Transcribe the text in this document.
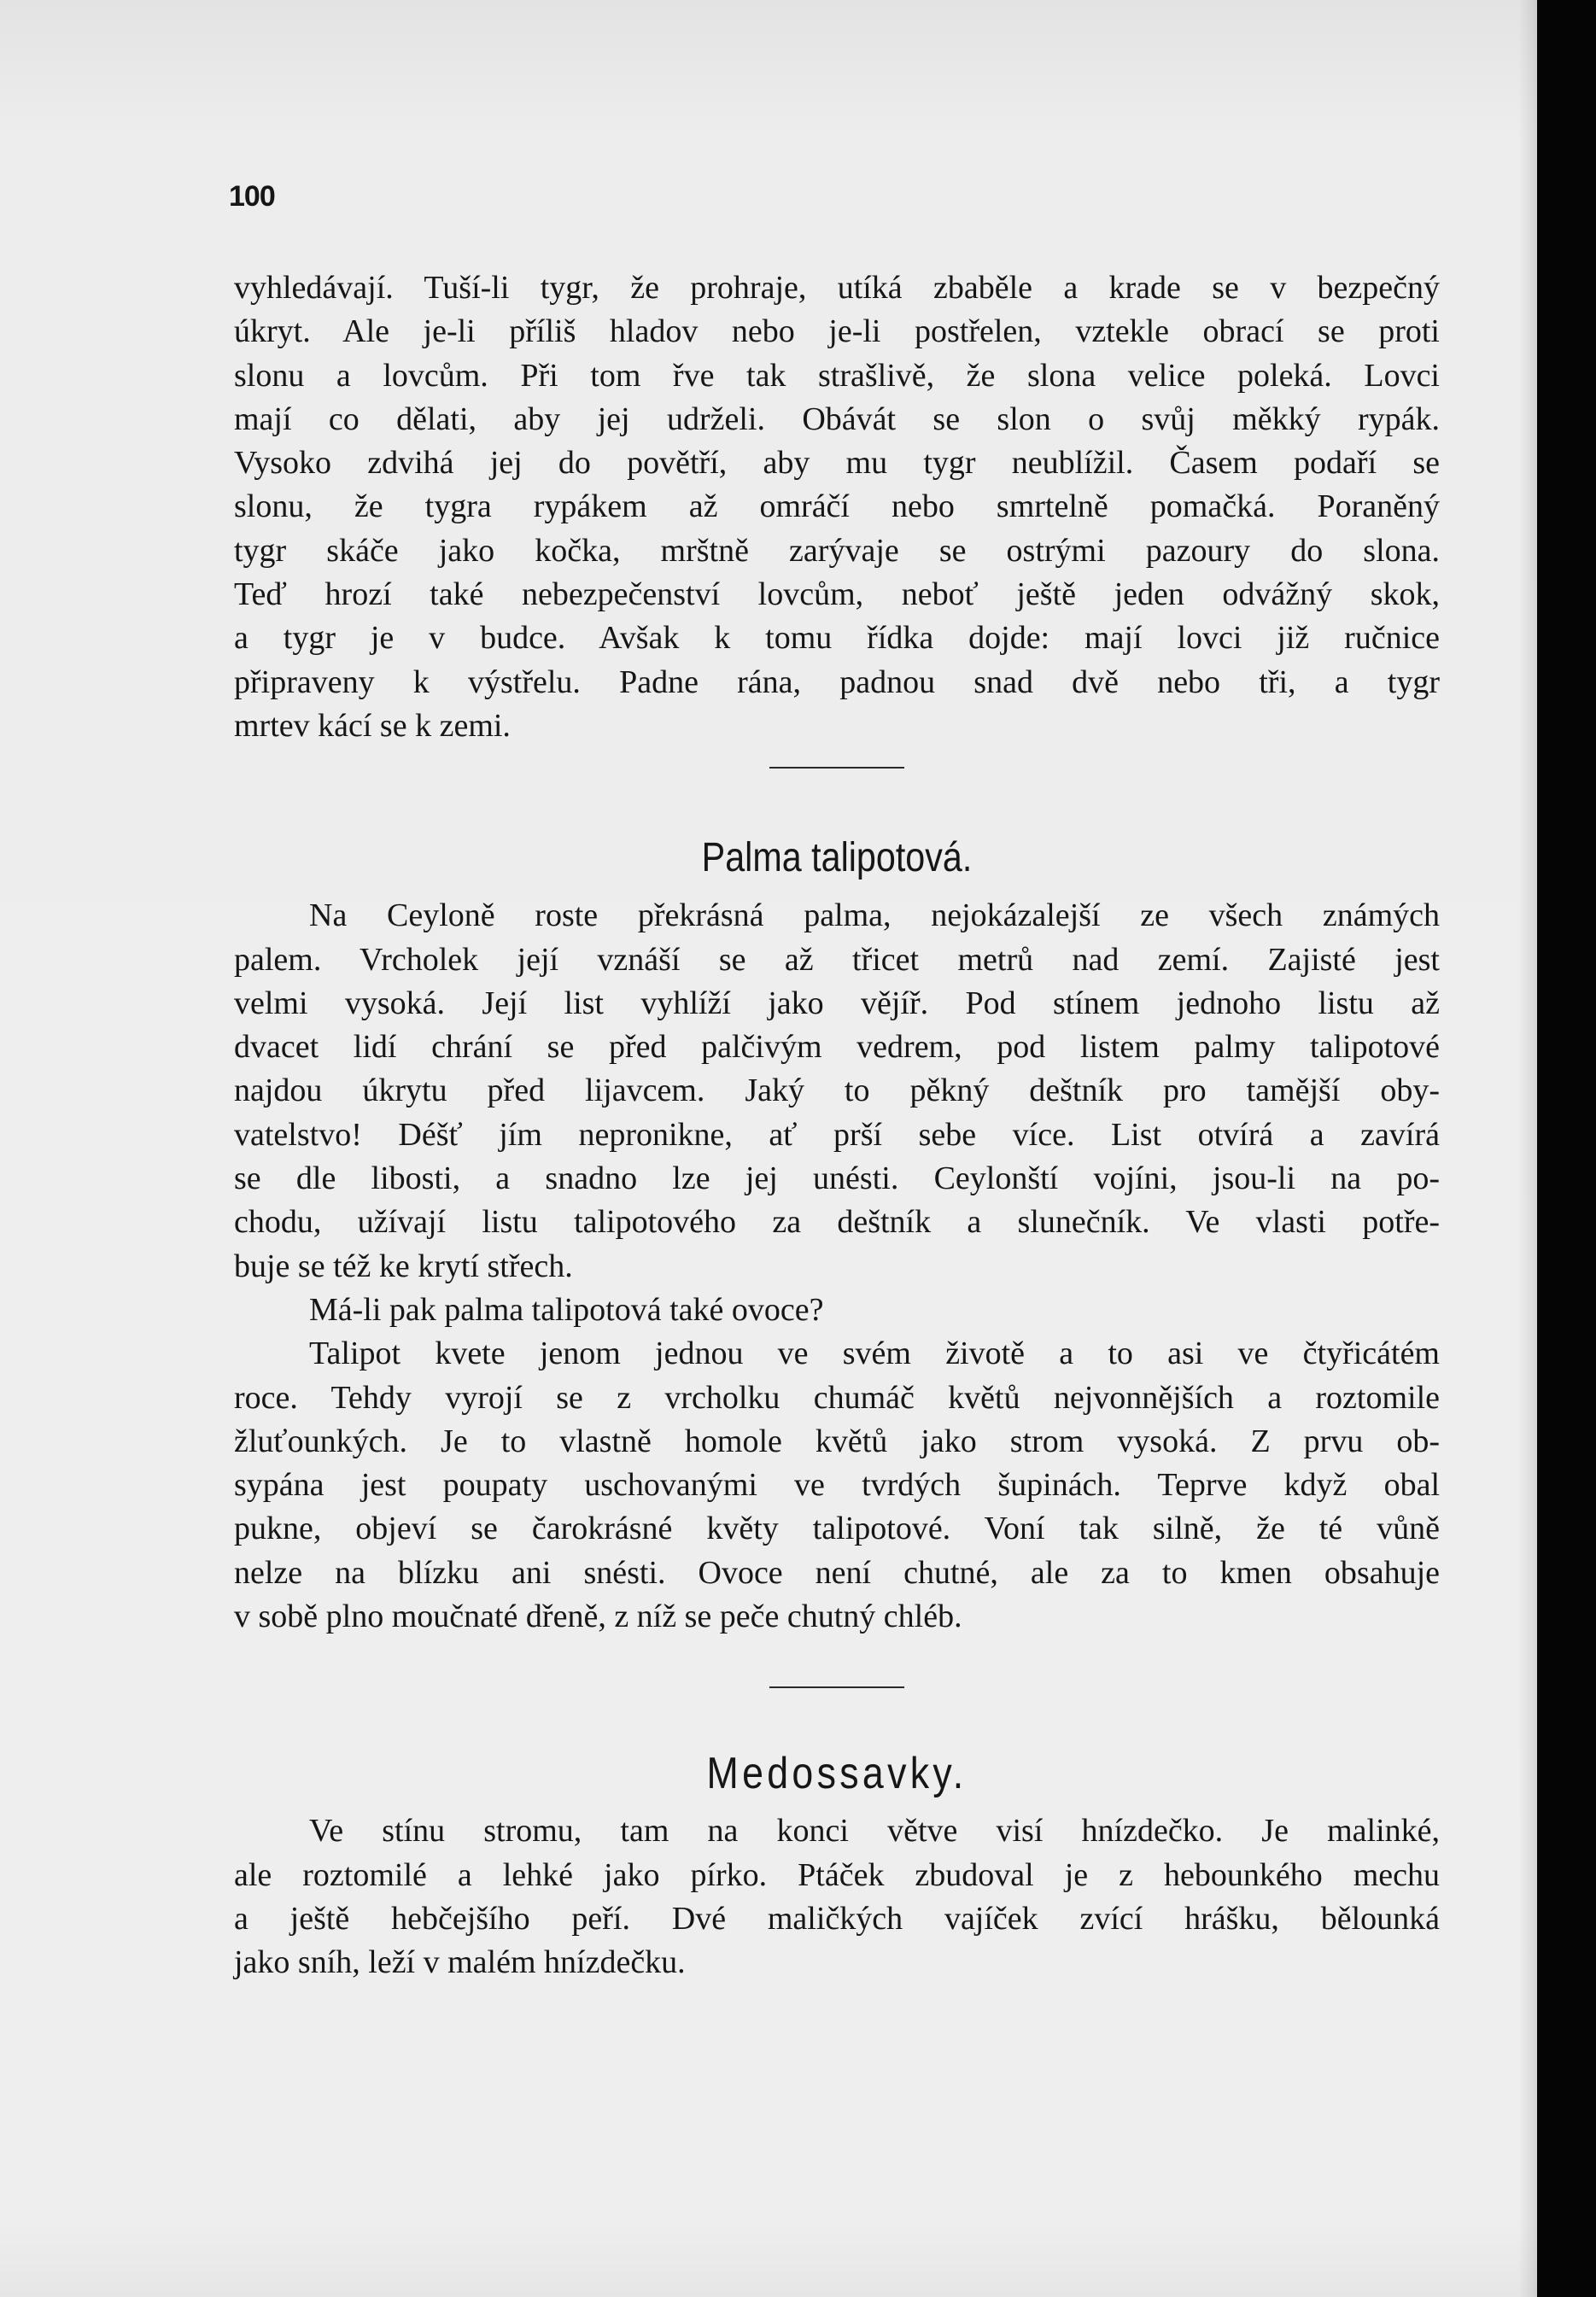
100

vyhledávají. Tuší-li tygr, že prohraje, utíká zbaběle a krade se v bezpečný

úkryt. Ale je-li příliš hladov nebo je-li postřelen, vztekle obrací se proti

slonu a lovcům. Při tom řve tak strašlivě, že slona velice poleká. Lovci

mají co dělati, aby jej udrželi. Obávát se slon o svůj měkký rypák.

Vysoko zdvihá jej do povětří, aby mu tygr neublížil. Časem podaří se

slonu, že tygra rypákem až omráčí nebo smrtelně pomačká. Poraněný

tygr skáče jako kočka, mrštně zarývaje se ostrými pazoury do slona.

Teď hrozí také nebezpečenství lovcům, neboť ještě jeden odvážný skok,

a tygr je v budce. Avšak k tomu řídka dojde: mají lovci již ručnice

připraveny k výstřelu. Padne rána, padnou snad dvě nebo tři, a tygr

mrtev kácí se k zemi.

Palma talipotová.

Na Ceyloně roste překrásná palma, nejokázalejší ze všech známých

palem. Vrcholek její vznáší se až třicet metrů nad zemí. Zajisté jest

velmi vysoká. Její list vyhlíží jako vějíř. Pod stínem jednoho listu až

dvacet lidí chrání se před palčivým vedrem, pod listem palmy talipotové

najdou úkrytu před lijavcem. Jaký to pěkný deštník pro tamější oby-

vatelstvo! Déšť jím nepronikne, ať prší sebe více. List otvírá a zavírá

se dle libosti, a snadno lze jej unésti. Ceylonští vojíni, jsou-li na po-

chodu, užívají listu talipotového za deštník a slunečník. Ve vlasti potře-

buje se též ke krytí střech.

Má-li pak palma talipotová také ovoce?

Talipot kvete jenom jednou ve svém životě a to asi ve čtyřicátém

roce. Tehdy vyrojí se z vrcholku chumáč květů nejvonnějších a roztomile

žluťounkých. Je to vlastně homole květů jako strom vysoká. Z prvu ob-

sypána jest poupaty uschovanými ve tvrdých šupinách. Teprve když obal

pukne, objeví se čarokrásné květy talipotové. Voní tak silně, že té vůně

nelze na blízku ani snésti. Ovoce není chutné, ale za to kmen obsahuje

v sobě plno moučnaté dřeně, z níž se peče chutný chléb.

Medossavky.

Ve stínu stromu, tam na konci větve visí hnízdečko. Je malinké,

ale roztomilé a lehké jako pírko. Ptáček zbudoval je z hebounkého mechu

a ještě hebčejšího peří. Dvé maličkých vajíček zvící hrášku, bělounká

jako sníh, leží v malém hnízdečku.
